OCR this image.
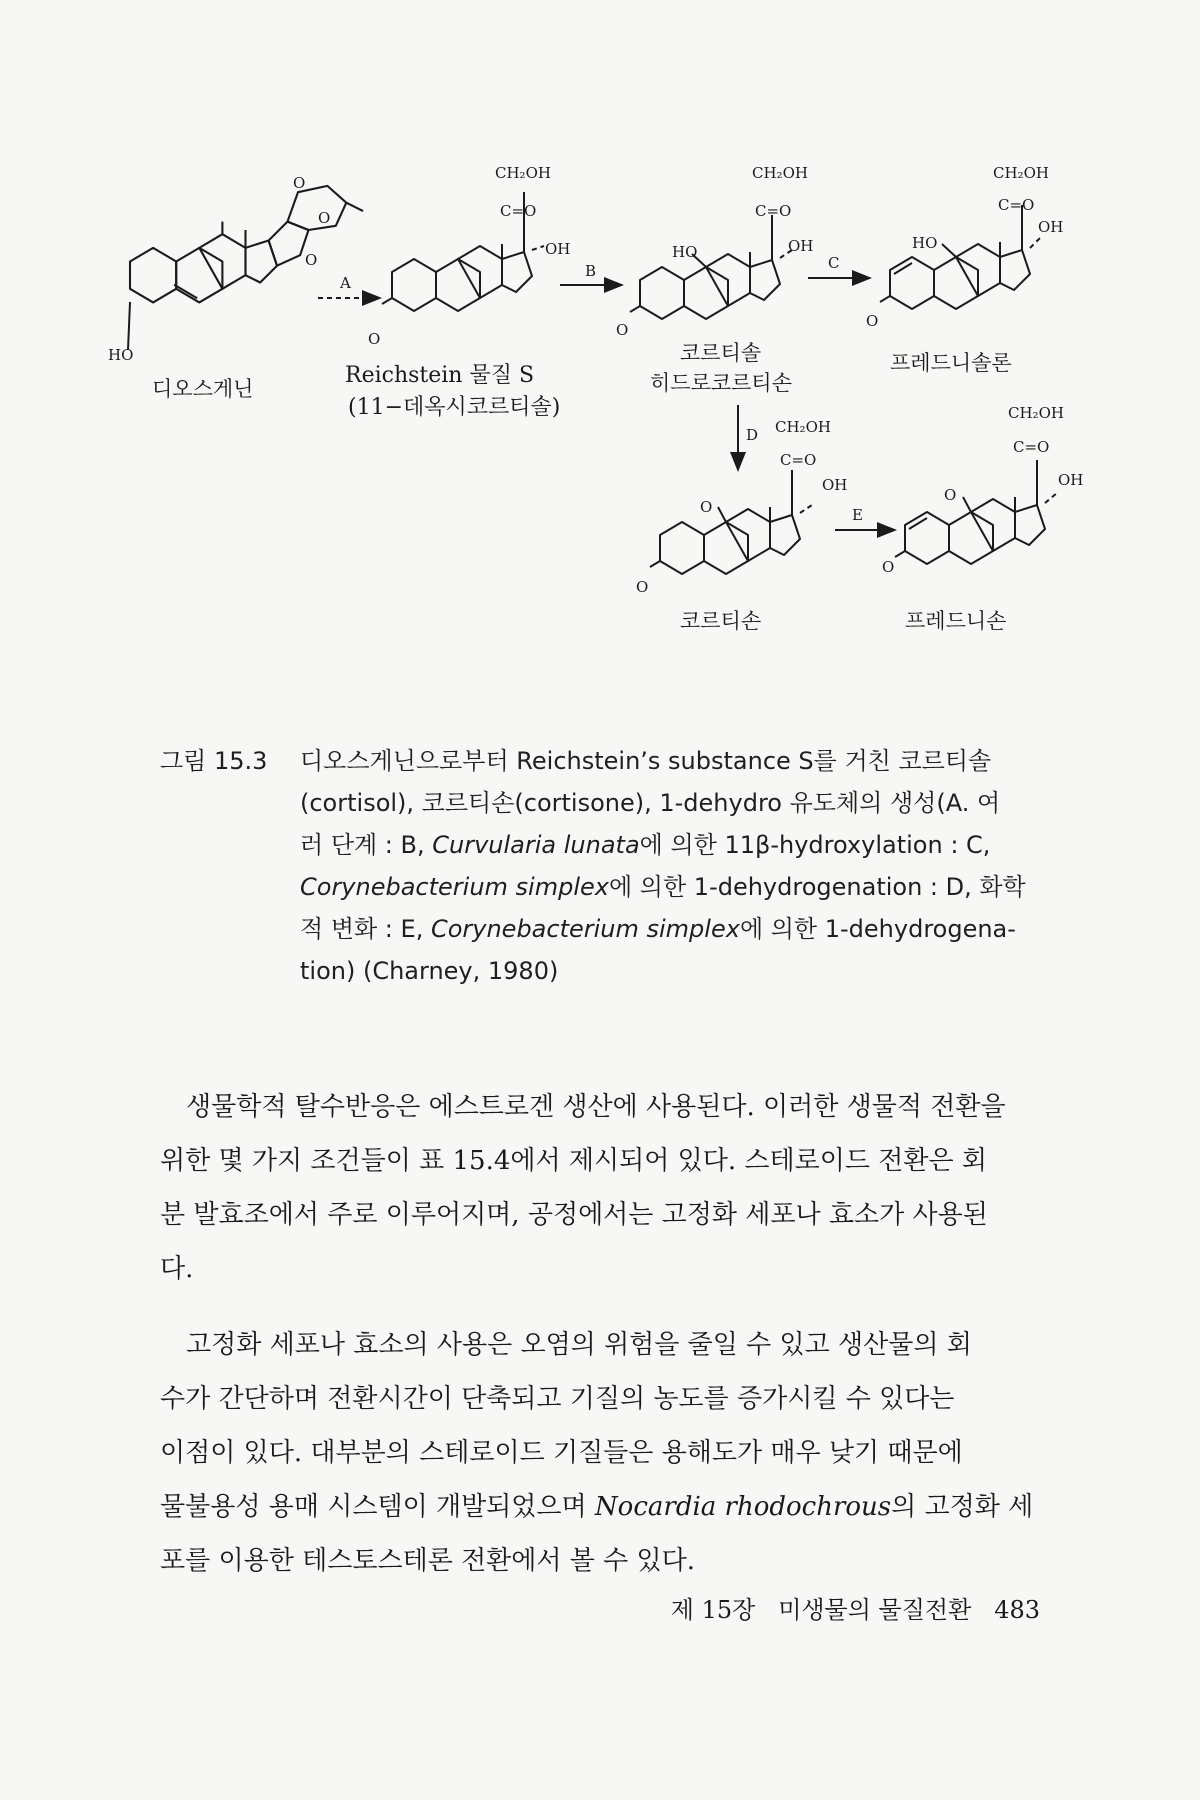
O
O
O
HO
A
CH₂OH
C=O
OH
O
B
CH₂OH
C=O
OH
HO
O
C
CH₂OH
C=O
OH
HO
O
D CH₂OH
C=O
OH
O
O
E
CH₂OH
C=O
OH
O
O
디오스게닌
Reichstein 물질 S
(11−데옥시코르티솔)
코르티솔
히드로코르티손
프레드니솔론
코르티손	프레드니손
그림 15.3	디오스게닌으로부터 Reichstein’s substance S를 거친 코르티솔
(cortisol), 코르티손(cortisone), 1-dehydro 유도체의 생성(A. 여
러 단계 : B, Curvularia lunata에 의한 11β-hydroxylation : C,
Corynebacterium simplex에 의한 1-dehydrogenation : D, 화학
적 변화 : E, Corynebacterium simplex에 의한 1-dehydrogena-
tion) (Charney, 1980)
생물학적 탈수반응은 에스트로겐 생산에 사용된다. 이러한 생물적 전환을
위한 몇 가지 조건들이 표 15.4에서 제시되어 있다. 스테로이드 전환은 회
분 발효조에서 주로 이루어지며, 공정에서는 고정화 세포나 효소가 사용된
다.
고정화 세포나 효소의 사용은 오염의 위험을 줄일 수 있고 생산물의 회
수가 간단하며 전환시간이 단축되고 기질의 농도를 증가시킬 수 있다는
이점이 있다. 대부분의 스테로이드 기질들은 용해도가 매우 낮기 때문에
물불용성 용매 시스템이 개발되었으며 Nocardia rhodochrous의 고정화 세
포를 이용한 테스토스테론 전환에서 볼 수 있다.
제 15장 미생물의 물질전환 483
